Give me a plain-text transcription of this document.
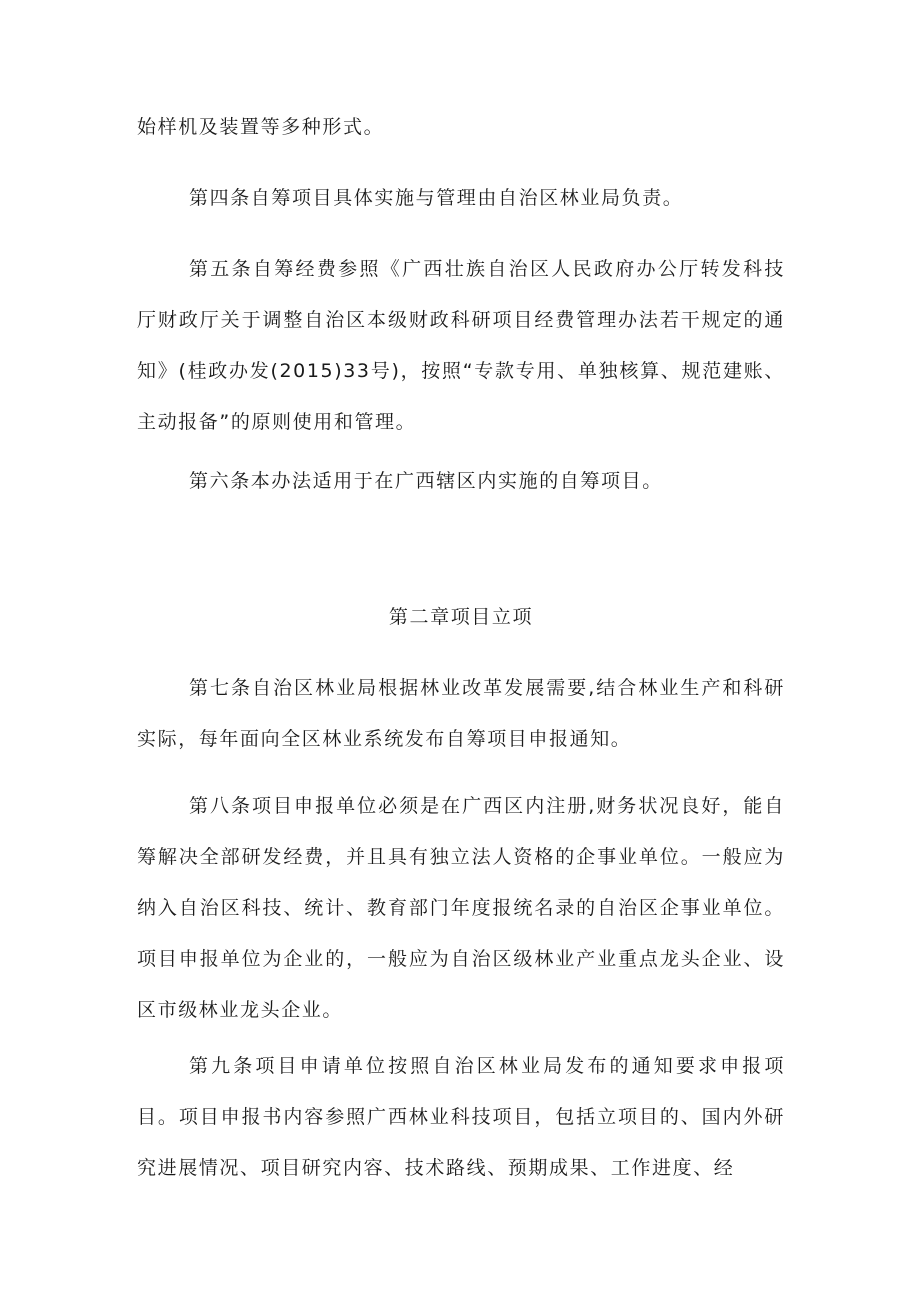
始样机及装置等多种形式。

第四条自筹项目具体实施与管理由自治区林业局负责。

第五条自筹经费参照《广西壮族自治区人民政府办公厅转发科技厅财政厅关于调整自治区本级财政科研项目经费管理办法若干规定的通知》(桂政办发(2015)33号)，按照“专款专用、单独核算、规范建账、主动报备”的原则使用和管理。

第六条本办法适用于在广西辖区内实施的自筹项目。

第二章项目立项

第七条自治区林业局根据林业改革发展需要,结合林业生产和科研实际，每年面向全区林业系统发布自筹项目申报通知。

第八条项目申报单位必须是在广西区内注册,财务状况良好，能自筹解决全部研发经费，并且具有独立法人资格的企事业单位。一般应为纳入自治区科技、统计、教育部门年度报统名录的自治区企事业单位。项目申报单位为企业的，一般应为自治区级林业产业重点龙头企业、设区市级林业龙头企业。

第九条项目申请单位按照自治区林业局发布的通知要求申报项目。项目申报书内容参照广西林业科技项目，包括立项目的、国内外研究进展情况、项目研究内容、技术路线、预期成果、工作进度、经
